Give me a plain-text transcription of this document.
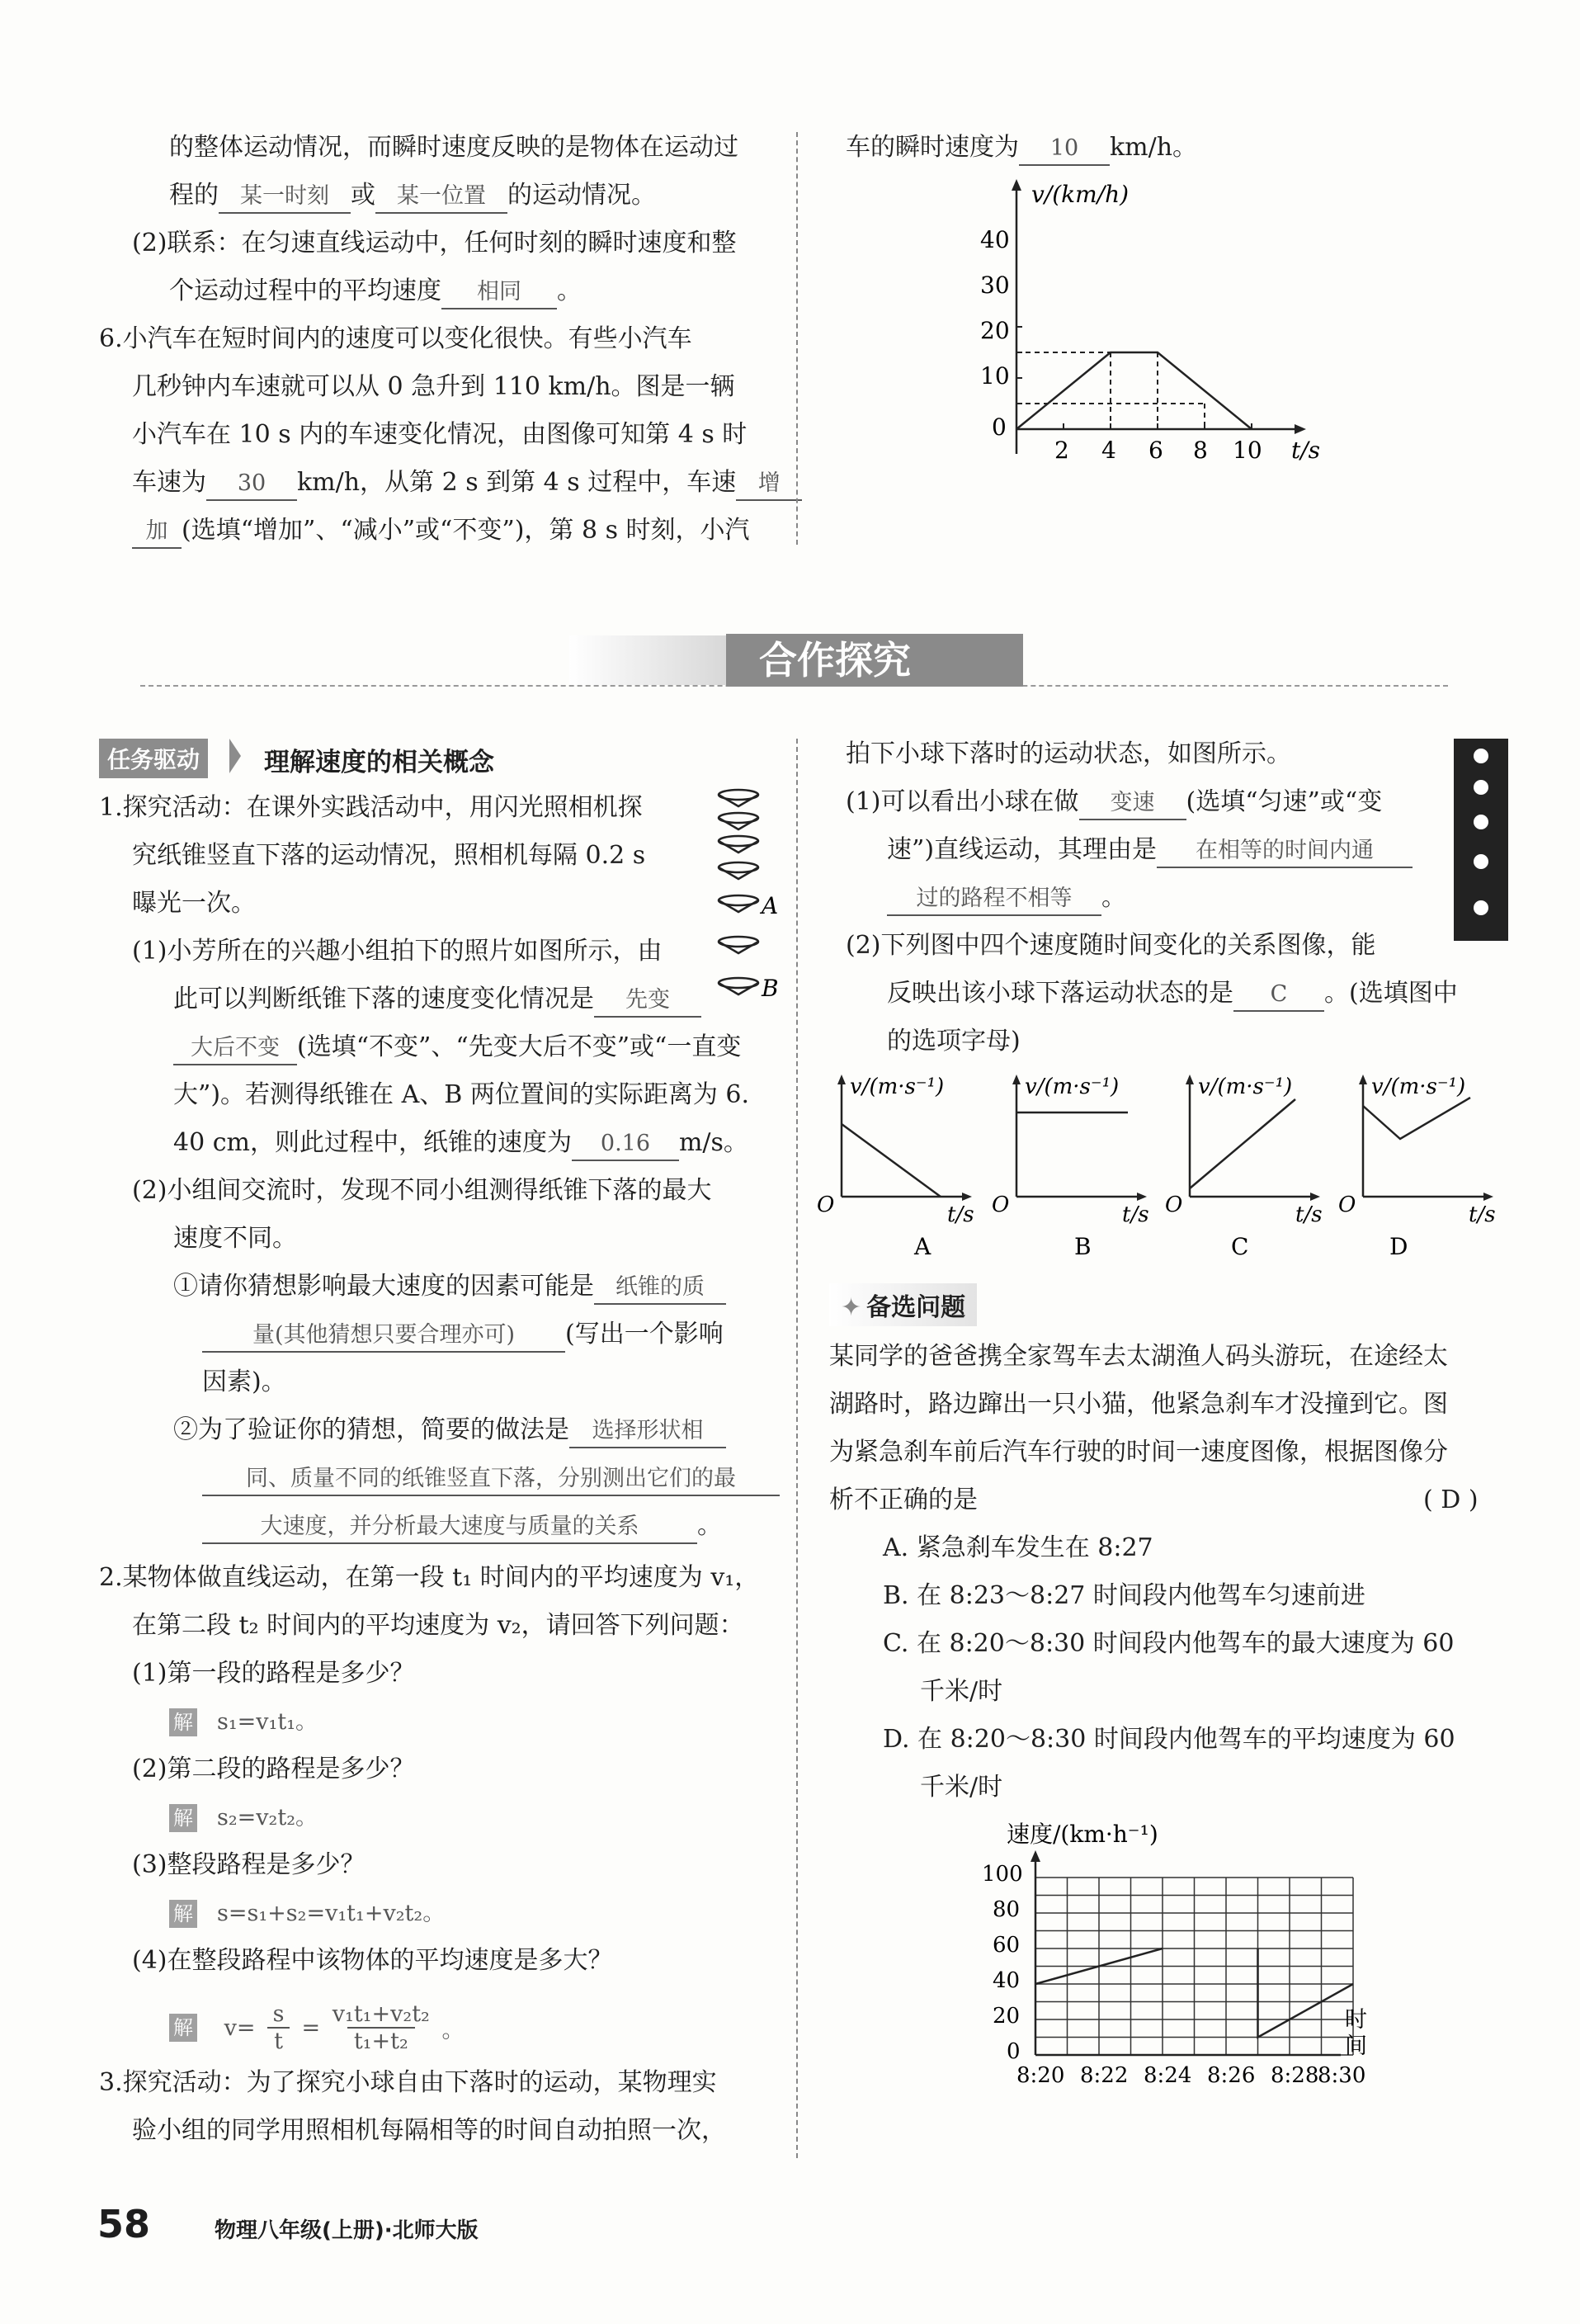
的整体运动情况，而瞬时速度反映的是物体在运动过
程的 某一时刻 或 某一位置 的运动情况。
(2)联系：在匀速直线运动中，任何时刻的瞬时速度和整
个运动过程中的平均速度 相同 。
6.小汽车在短时间内的速度可以变化很快。有些小汽车
几秒钟内车速就可以从 0 急升到 110 km/h。图是一辆
小汽车在 10 s 内的车速变化情况，由图像可知第 4 s 时
车速为 30 km/h，从第 2 s 到第 4 s 过程中，车速 增
加 (选填“增加”、“减小”或“不变”)，第 8 s 时刻，小汽
车的瞬时速度为 10 km/h。
v/(km/h)
t/s
40
30
20
10
0
2 4 6 8 10
合作探究
任务驱动	理解速度的相关概念
1.探究活动：在课外实践活动中，用闪光照相机探
究纸锥竖直下落的运动情况，照相机每隔 0.2 s
曝光一次。
(1)小芳所在的兴趣小组拍下的照片如图所示，由
此可以判断纸锥下落的速度变化情况是 先变
大后不变 (选填“不变”、“先变大后不变”或“一直变
大”)。若测得纸锥在 A、B 两位置间的实际距离为 6.
40 cm，则此过程中，纸锥的速度为 0.16 m/s。
(2)小组间交流时，发现不同小组测得纸锥下落的最大
速度不同。
①请你猜想影响最大速度的因素可能是 纸锥的质
量(其他猜想只要合理亦可) (写出一个影响
因素)。
②为了验证你的猜想，简要的做法是 选择形状相
同、质量不同的纸锥竖直下落，分别测出它们的最
大速度，并分析最大速度与质量的关系 。
A
B
2.某物体做直线运动，在第一段 t₁ 时间内的平均速度为 v₁，
在第二段 t₂ 时间内的平均速度为 v₂，请回答下列问题：
(1)第一段的路程是多少？
解 s₁=v₁t₁。
(2)第二段的路程是多少？
解 s₂=v₂t₂。
(3)整段路程是多少？
解 s=s₁+s₂=v₁t₁+v₂t₂。
(4)在整段路程中该物体的平均速度是多大？
解 $v= \frac{s}{t} = \frac{\text{v₁t₁+v₂t₂}}{\text{t₁+t₂}}$ 。
3.探究活动：为了探究小球自由下落时的运动，某物理实
验小组的同学用照相机每隔相等的时间自动拍照一次，
拍下小球下落时的运动状态，如图所示。
(1)可以看出小球在做 变速 (选填“匀速”或“变
速”)直线运动，其理由是 在相等的时间内通
过的路程不相等 。
(2)下列图中四个速度随时间变化的关系图像，能
反映出该小球下落运动状态的是 C 。(选填图中
的选项字母)
v/(m·s⁻¹)
O	t/s
A
v/(m·s⁻¹)
O	t/s
B
v/(m·s⁻¹)
O	t/s
C
v/(m·s⁻¹)
O	t/s
D
✦ 备选问题
某同学的爸爸携全家驾车去太湖渔人码头游玩，在途经太
湖路时，路边蹿出一只小猫，他紧急刹车才没撞到它。图
为紧急刹车前后汽车行驶的时间一速度图像，根据图像分
析不正确的是	( D )
A. 紧急刹车发生在 8:27
B. 在 8:23～8:27 时间段内他驾车匀速前进
C. 在 8:20～8:30 时间段内他驾车的最大速度为 60
千米/时
D. 在 8:20～8:30 时间段内他驾车的平均速度为 60
千米/时
速度/(km·h⁻¹)
100
80
60
40
20
0
8:20 8:22 8:24 8:26 8:28
8:30
时
间
58	物理八年级(上册)·北师大版
